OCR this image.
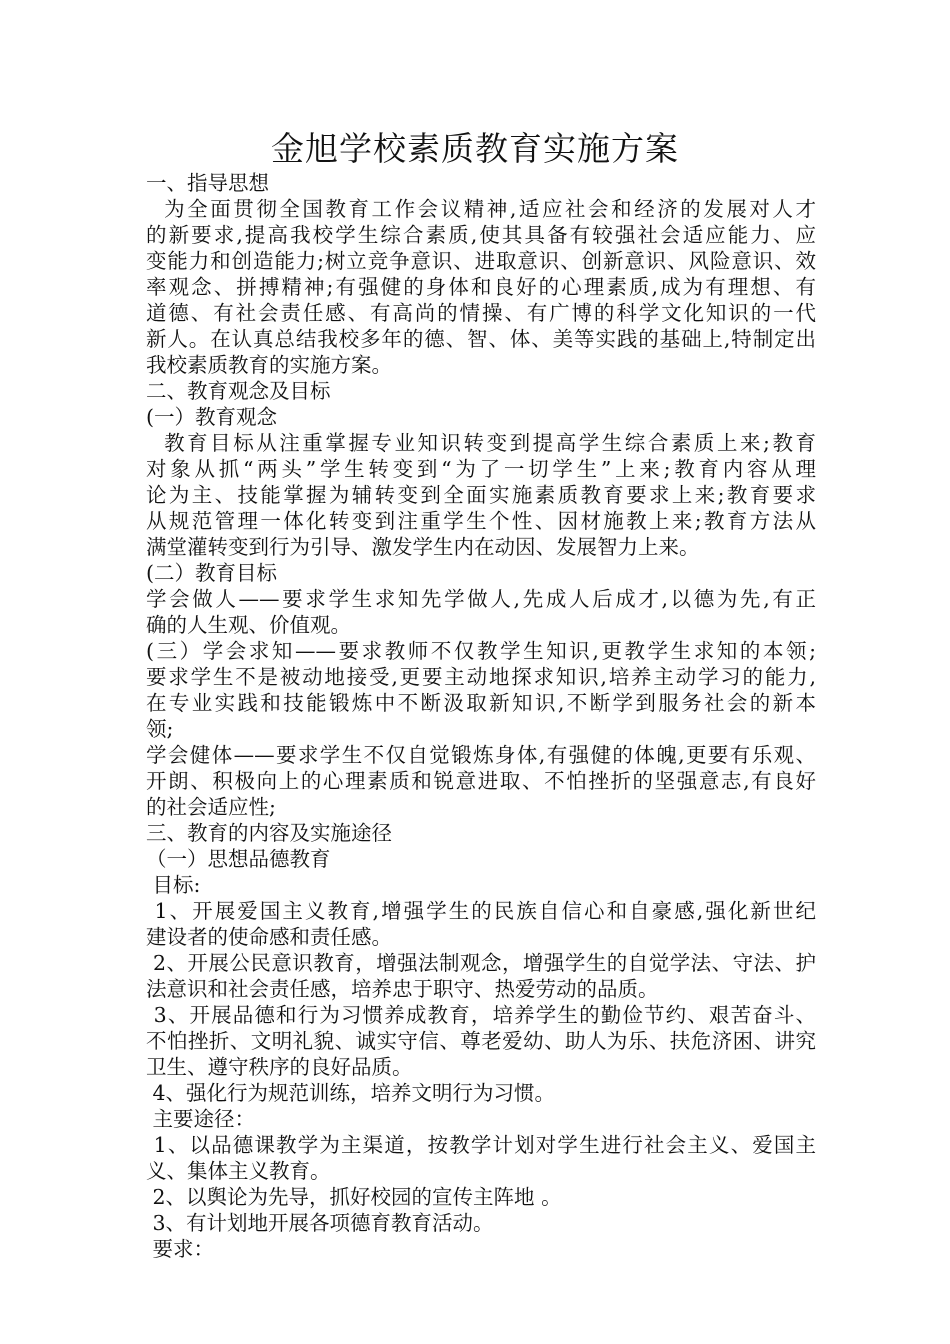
金旭学校素质教育实施方案
一、指导思想
为全面贯彻全国教育工作会议精神,适应社会和经济的发展对人才
的新要求,提高我校学生综合素质,使其具备有较强社会适应能力、应
变能力和创造能力;树立竞争意识、进取意识、创新意识、风险意识、效
率观念、拼搏精神;有强健的身体和良好的心理素质,成为有理想、有
道德、有社会责任感、有高尚的情操、有广博的科学文化知识的一代
新人。在认真总结我校多年的德、智、体、美等实践的基础上,特制定出
我校素质教育的实施方案。
二、教育观念及目标
(一）教育观念
教育目标从注重掌握专业知识转变到提高学生综合素质上来;教育
对象从抓“两头”学生转变到“为了一切学生”上来;教育内容从理
论为主、技能掌握为辅转变到全面实施素质教育要求上来;教育要求
从规范管理一体化转变到注重学生个性、因材施教上来;教育方法从
满堂灌转变到行为引导、激发学生内在动因、发展智力上来。
(二）教育目标
学会做人——要求学生求知先学做人,先成人后成才,以德为先,有正
确的人生观、价值观。
(三）学会求知——要求教师不仅教学生知识,更教学生求知的本领;
要求学生不是被动地接受,更要主动地探求知识,培养主动学习的能力,
在专业实践和技能锻炼中不断汲取新知识,不断学到服务社会的新本
领;
学会健体——要求学生不仅自觉锻炼身体,有强健的体魄,更要有乐观、
开朗、积极向上的心理素质和锐意进取、不怕挫折的坚强意志,有良好
的社会适应性;
三、教育的内容及实施途径
（一）思想品德教育
目标:
1、开展爱国主义教育,增强学生的民族自信心和自豪感,强化新世纪
建设者的使命感和责任感。
2、开展公民意识教育，增强法制观念，增强学生的自觉学法、守法、护
法意识和社会责任感，培养忠于职守、热爱劳动的品质。
3、开展品德和行为习惯养成教育，培养学生的勤俭节约、艰苦奋斗、
不怕挫折、文明礼貌、诚实守信、尊老爱幼、助人为乐、扶危济困、讲究
卫生、遵守秩序的良好品质。
4、强化行为规范训练，培养文明行为习惯。
主要途径：
1、以品德课教学为主渠道，按教学计划对学生进行社会主义、爱国主
义、集体主义教育。
2、以舆论为先导，抓好校园的宣传主阵地 。
3、有计划地开展各项德育教育活动。
要求：
